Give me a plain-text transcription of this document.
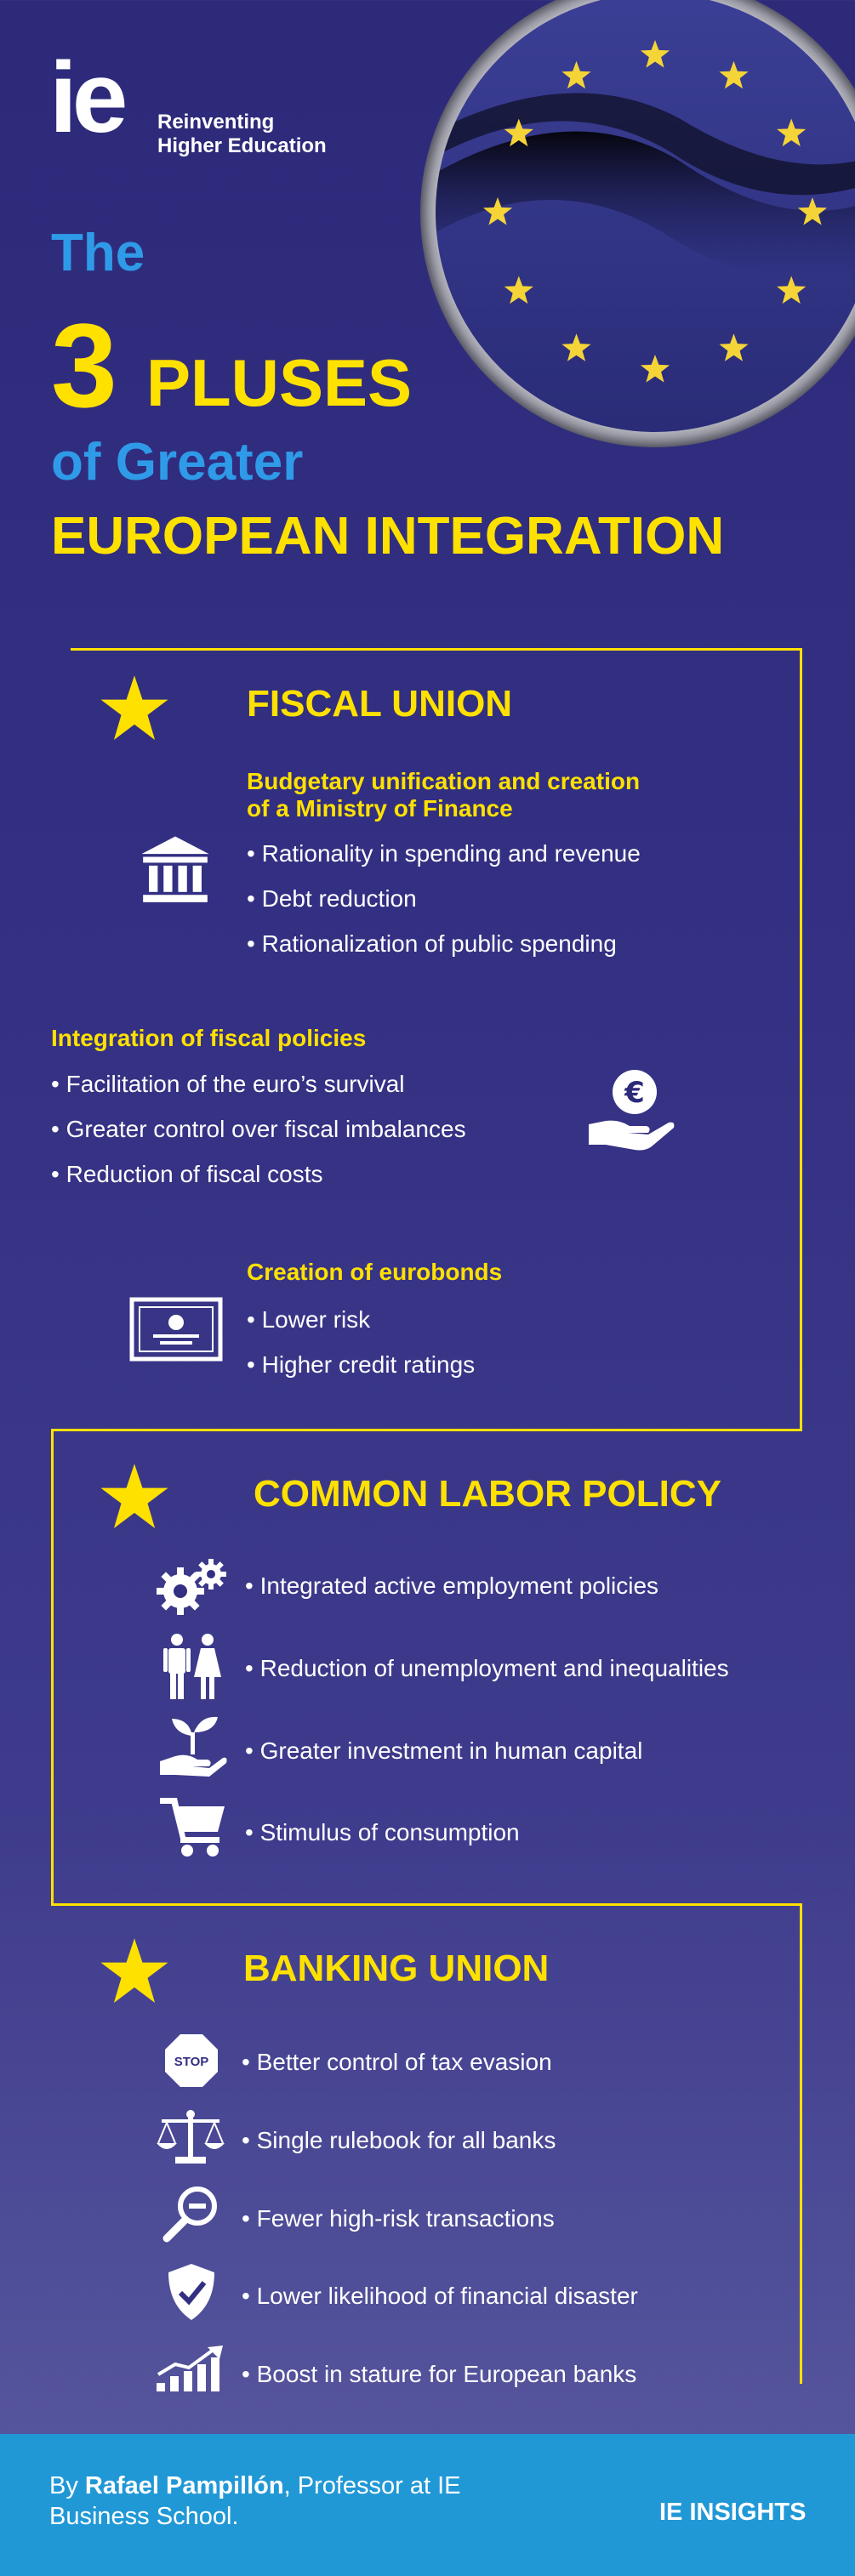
ie Reinventing
Higher Education
The
3 PLUSES
of Greater
EUROPEAN INTEGRATION
FISCAL UNION
Budgetary unification and creation
of a Ministry of Finance
• Rationality in spending and revenue
• Debt reduction
• Rationalization of public spending
Integration of fiscal policies
• Facilitation of the euro’s survival
• Greater control over fiscal imbalances
• Reduction of fiscal costs
€
Creation of eurobonds
• Lower risk
• Higher credit ratings
COMMON LABOR POLICY
• Integrated active employment policies
• Reduction of unemployment and inequalities
• Greater investment in human capital
• Stimulus of consumption
BANKING UNION
STOP • Better control of tax evasion
• Single rulebook for all banks
• Fewer high-risk transactions
• Lower likelihood of financial disaster
• Boost in stature for European banks
By Rafael Pampillón, Professor at IE
Business School.	IE INSIGHTS
